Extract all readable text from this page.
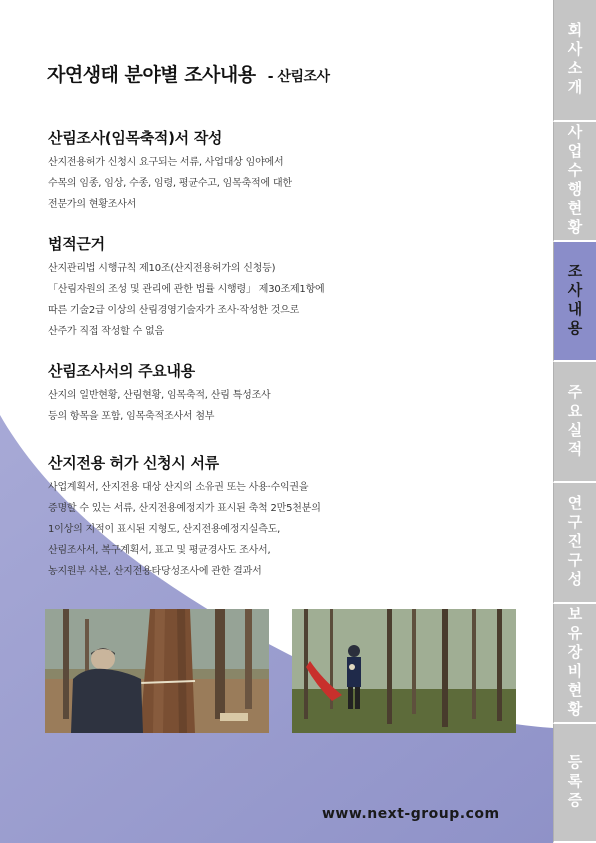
자연생태 분야별 조사내용 - 산림조사
산림조사(임목축적)서 작성

산지전용허가 신청시 요구되는 서류, 사업대상 임야에서

수목의 임종, 임상, 수종, 임령, 평균수고, 임목축적에 대한

전문가의 현황조사서

법적근거

산지관리법 시행규칙 제10조(산지전용허가의 신청등)

「산림자원의 조성 및 관리에 관한 법률 시행령」 제30조제1항에

따른 기술2급 이상의 산림경영기술자가 조사·작성한 것으로

산주가 직접 작성할 수 없음

산림조사서의 주요내용

산지의 일반현황, 산림현황, 임목축적, 산림 특성조사

등의 항목을 포함, 임목축적조사서 첨부

산지전용 허가 신청시 서류

사업계획서, 산지전용 대상 산지의 소유권 또는 사용·수익권을

증명할 수 있는 서류, 산지전용예정지가 표시된 축척 2만5천분의

1이상의 지적이 표시된 지형도, 산지전용예정지실측도,

산림조사서, 복구계획서, 표고 및 평균경사도 조사서,

농지원부 사본, 산지전용타당성조사에 관한 결과서

www.next-group.com
회사소개
사업수행현황
조사내용
주요실적
연구진구성
보유장비현황
등록증
